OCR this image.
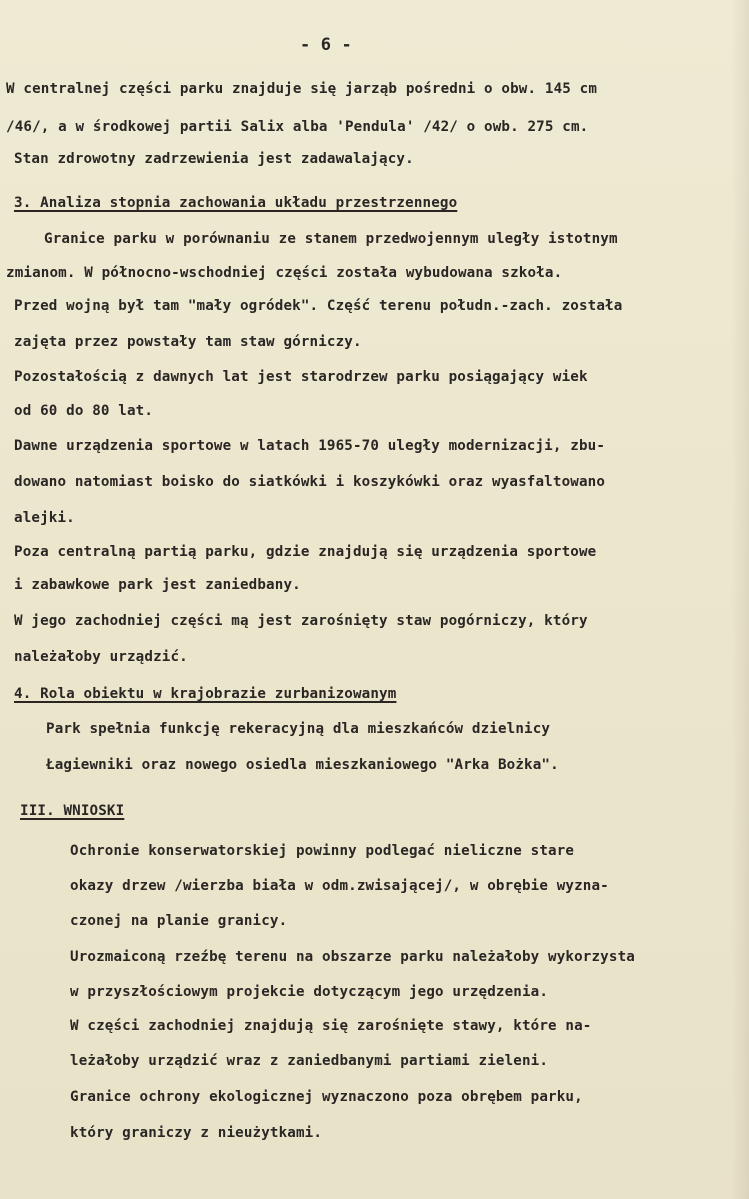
- 6 -
W centralnej części parku znajduje się jarząb pośredni o obw. 145 cm
/46/, a w środkowej partii Salix alba 'Pendula' /42/ o owb. 275 cm.
Stan zdrowotny zadrzewienia jest zadawalający.
3. Analiza stopnia zachowania układu przestrzennego
Granice parku w porównaniu ze stanem przedwojennym uległy istotnym
zmianom. W północno-wschodniej części została wybudowana szkoła.
Przed wojną był tam "mały ogródek". Część terenu połudn.-zach. została
zajęta przez powstały tam staw górniczy.
Pozostałością z dawnych lat jest starodrzew parku posiągający wiek
od 60 do 80 lat.
Dawne urządzenia sportowe w latach 1965-70 uległy modernizacji, zbu-
dowano natomiast boisko do siatkówki i koszykówki oraz wyasfaltowano
alejki.
Poza centralną partią parku, gdzie znajdują się urządzenia sportowe
i zabawkowe park jest zaniedbany.
W jego zachodniej części mą jest zarośnięty staw pogórniczy, który
należałoby urządzić.
4. Rola obiektu w krajobrazie zurbanizowanym
Park spełnia funkcję rekeracyjną dla mieszkańców dzielnicy
Łagiewniki oraz nowego osiedla mieszkaniowego "Arka Bożka".
III. WNIOSKI
Ochronie konserwatorskiej powinny podlegać nieliczne stare
okazy drzew /wierzba biała w odm.zwisającej/, w obrębie wyzna-
czonej na planie granicy.
Urozmaiconą rzeźbę terenu na obszarze parku należałoby wykorzysta
w przyszłościowym projekcie dotyczącym jego urzędzenia.
W części zachodniej znajdują się zarośnięte stawy, które na-
leżałoby urządzić wraz z zaniedbanymi partiami zieleni.
Granice ochrony ekologicznej wyznaczono poza obrębem parku,
który graniczy z nieużytkami.
